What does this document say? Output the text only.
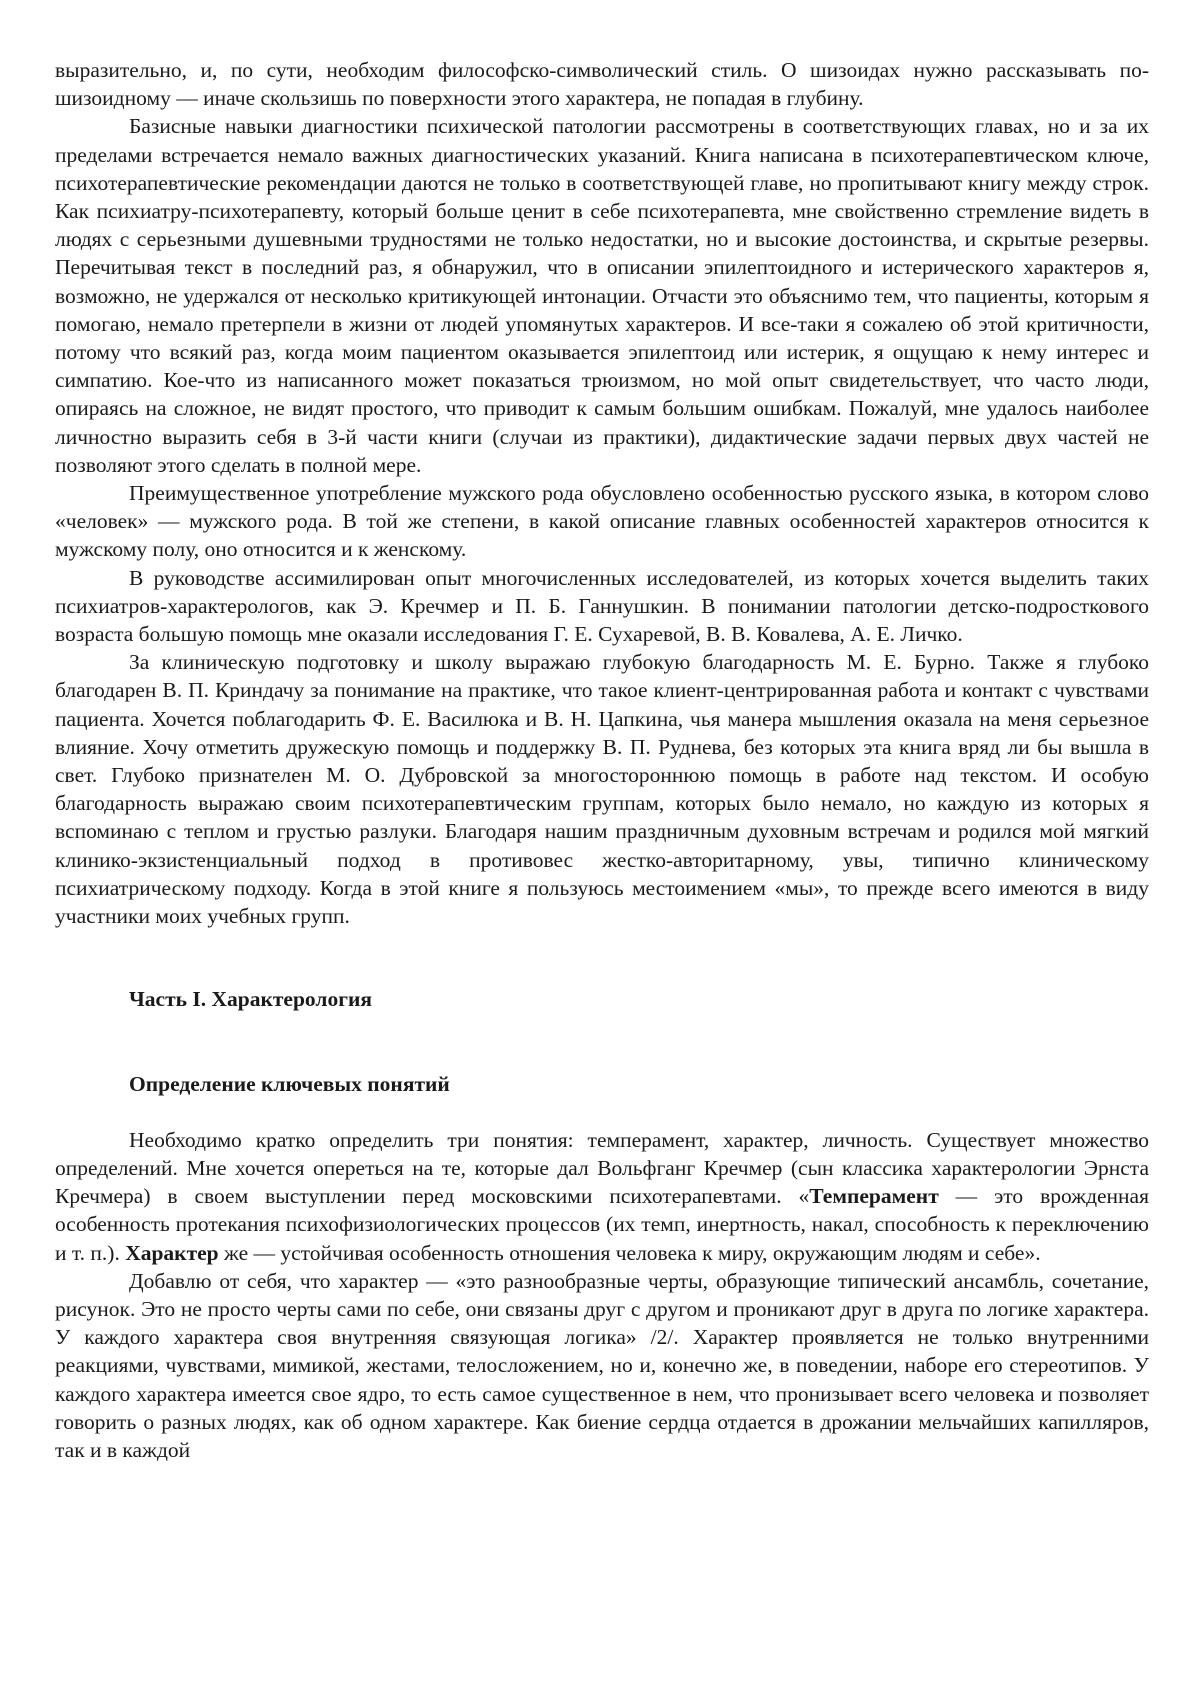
выразительно, и, по сути, необходим философско-символический стиль. О шизоидах нужно рассказывать по-шизоидному — иначе скользишь по поверхности этого характера, не попадая в глубину.

Базисные навыки диагностики психической патологии рассмотрены в соответствующих главах, но и за их пределами встречается немало важных диагностических указаний. Книга написана в психотерапевтическом ключе, психотерапевтические рекомендации даются не только в соответствующей главе, но пропитывают книгу между строк. Как психиатру-психотерапевту, который больше ценит в себе психотерапевта, мне свойственно стремление видеть в людях с серьезными душевными трудностями не только недостатки, но и высокие достоинства, и скрытые резервы. Перечитывая текст в последний раз, я обнаружил, что в описании эпилептоидного и истерического характеров я, возможно, не удержался от несколько критикующей интонации. Отчасти это объяснимо тем, что пациенты, которым я помогаю, немало претерпели в жизни от людей упомянутых характеров. И все-таки я сожалею об этой критичности, потому что всякий раз, когда моим пациентом оказывается эпилептоид или истерик, я ощущаю к нему интерес и симпатию. Кое-что из написанного может показаться трюизмом, но мой опыт свидетельствует, что часто люди, опираясь на сложное, не видят простого, что приводит к самым большим ошибкам. Пожалуй, мне удалось наиболее личностно выразить себя в 3-й части книги (случаи из практики), дидактические задачи первых двух частей не позволяют этого сделать в полной мере.

Преимущественное употребление мужского рода обусловлено особенностью русского языка, в котором слово «человек» — мужского рода. В той же степени, в какой описание главных особенностей характеров относится к мужскому полу, оно относится и к женскому.

В руководстве ассимилирован опыт многочисленных исследователей, из которых хочется выделить таких психиатров-характерологов, как Э. Кречмер и П. Б. Ганнушкин. В понимании патологии детско-подросткового возраста большую помощь мне оказали исследования Г. Е. Сухаревой, В. В. Ковалева, А. Е. Личко.

За клиническую подготовку и школу выражаю глубокую благодарность М. Е. Бурно. Также я глубоко благодарен В. П. Криндачу за понимание на практике, что такое клиент-центрированная работа и контакт с чувствами пациента. Хочется поблагодарить Ф. Е. Василюка и В. Н. Цапкина, чья манера мышления оказала на меня серьезное влияние. Хочу отметить дружескую помощь и поддержку В. П. Руднева, без которых эта книга вряд ли бы вышла в свет. Глубоко признателен М. О. Дубровской за многостороннюю помощь в работе над текстом. И особую благодарность выражаю своим психотерапевтическим группам, которых было немало, но каждую из которых я вспоминаю с теплом и грустью разлуки. Благодаря нашим праздничным духовным встречам и родился мой мягкий клинико-экзистенциальный подход в противовес жестко-авторитарному, увы, типично клиническому психиатрическому подходу. Когда в этой книге я пользуюсь местоимением «мы», то прежде всего имеются в виду участники моих учебных групп.

Часть I. Характерология

Определение ключевых понятий

Необходимо кратко определить три понятия: темперамент, характер, личность. Существует множество определений. Мне хочется опереться на те, которые дал Вольфганг Кречмер (сын классика характерологии Эрнста Кречмера) в своем выступлении перед московскими психотерапевтами. «Темперамент — это врожденная особенность протекания психофизиологических процессов (их темп, инертность, накал, способность к переключению и т. п.). Характер же — устойчивая особенность отношения человека к миру, окружающим людям и себе».

Добавлю от себя, что характер — «это разнообразные черты, образующие типический ансамбль, сочетание, рисунок. Это не просто черты сами по себе, они связаны друг с другом и проникают друг в друга по логике характера. У каждого характера своя внутренняя связующая логика» /2/. Характер проявляется не только внутренними реакциями, чувствами, мимикой, жестами, телосложением, но и, конечно же, в поведении, наборе его стереотипов. У каждого характера имеется свое ядро, то есть самое существенное в нем, что пронизывает всего человека и позволяет говорить о разных людях, как об одном характере. Как биение сердца отдается в дрожании мельчайших капилляров, так и в каждой
